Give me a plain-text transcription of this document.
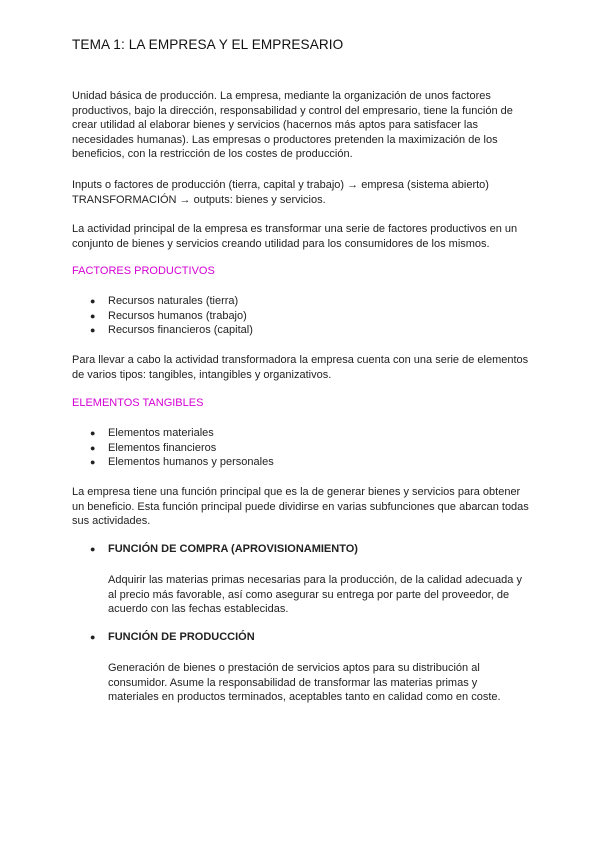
TEMA 1: LA EMPRESA Y EL EMPRESARIO

Unidad básica de producción. La empresa, mediante la organización de unos factores productivos, bajo la dirección, responsabilidad y control del empresario, tiene la función de crear utilidad al elaborar bienes y servicios (hacernos más aptos para satisfacer las necesidades humanas). Las empresas o productores pretenden la maximización de los beneficios, con la restricción de los costes de producción.

Inputs o factores de producción (tierra, capital y trabajo) → empresa (sistema abierto) TRANSFORMACIÓN → outputs: bienes y servicios.

La actividad principal de la empresa es transformar una serie de factores productivos en un conjunto de bienes y servicios creando utilidad para los consumidores de los mismos.

FACTORES PRODUCTIVOS
● Recursos naturales (tierra)
● Recursos humanos (trabajo)
● Recursos financieros (capital)

Para llevar a cabo la actividad transformadora la empresa cuenta con una serie de elementos de varios tipos: tangibles, intangibles y organizativos.

ELEMENTOS TANGIBLES
● Elementos materiales
● Elementos financieros
● Elementos humanos y personales

La empresa tiene una función principal que es la de generar bienes y servicios para obtener un beneficio. Esta función principal puede dividirse en varias subfunciones que abarcan todas sus actividades.

● FUNCIÓN DE COMPRA (APROVISIONAMIENTO)

Adquirir las materias primas necesarias para la producción, de la calidad adecuada y al precio más favorable, así como asegurar su entrega por parte del proveedor, de acuerdo con las fechas establecidas.

● FUNCIÓN DE PRODUCCIÓN

Generación de bienes o prestación de servicios aptos para su distribución al consumidor. Asume la responsabilidad de transformar las materias primas y materiales en productos terminados, aceptables tanto en calidad como en coste.
